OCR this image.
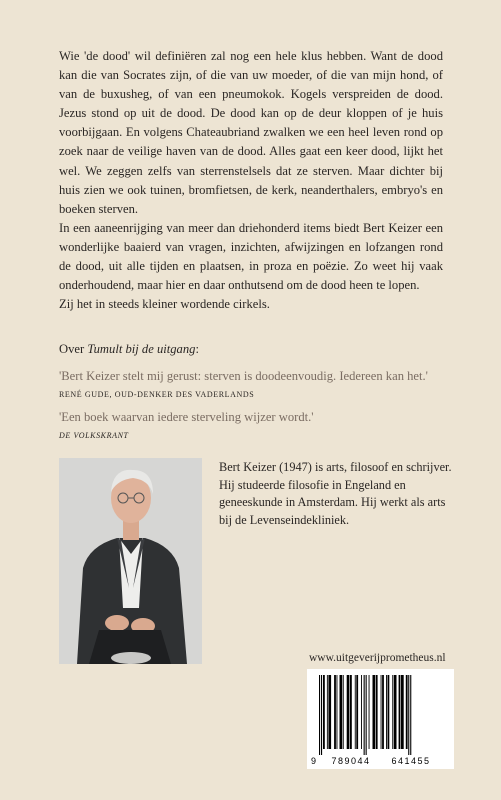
Wie 'de dood' wil definiëren zal nog een hele klus hebben. Want de dood kan die van Socrates zijn, of die van uw moeder, of die van mijn hond, of van de buxusheg, of van een pneumokok. Kogels verspreiden de dood. Jezus stond op uit de dood. De dood kan op de deur kloppen of je huis voorbijgaan. En volgens Chateaubriand zwalken we een heel leven rond op zoek naar de veilige haven van de dood. Alles gaat een keer dood, lijkt het wel. We zeggen zelfs van sterrenstelsels dat ze sterven. Maar dichter bij huis zien we ook tuinen, bromfietsen, de kerk, neanderthalers, embryo's en boeken sterven.

In een aaneenrijging van meer dan driehonderd items biedt Bert Keizer een wonderlijke baaierd van vragen, inzichten, afwijzingen en lofzangen rond de dood, uit alle tijden en plaatsen, in proza en poëzie. Zo weet hij vaak onderhoudend, maar hier en daar onthutsend om de dood heen te lopen.

Zij het in steeds kleiner wordende cirkels.

Over Tumult bij de uitgang:
'Bert Keizer stelt mij gerust: sterven is doodeenvoudig. Iedereen kan het.'
RENÉ GUDE, OUD-DENKER DES VADERLANDS
'Een boek waarvan iedere sterveling wijzer wordt.'
DE VOLKSKRANT
Bert Keizer (1947) is arts, filosoof en schrijver. Hij studeerde filosofie in Engeland en geneeskunde in Amsterdam. Hij werkt als arts bij de Levenseindekliniek.
www.uitgeverijprometheus.nl
9 789044 641455
